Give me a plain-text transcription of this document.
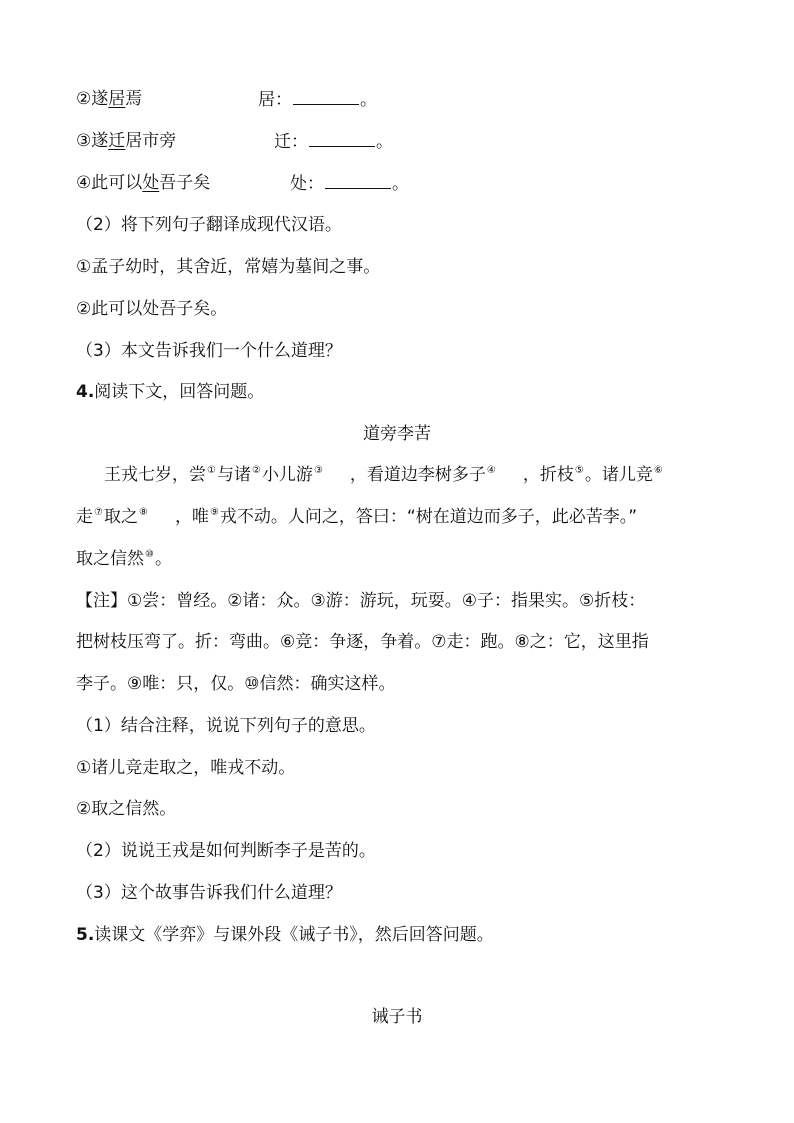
②遂居焉	居：	。
③遂迁居市旁	迁：	。
④此可以处吾子矣	处：	。
（2）将下列句子翻译成现代汉语。
①孟子幼时，其舍近，常嬉为墓间之事。
②此可以处吾子矣。
（3）本文告诉我们一个什么道理？
4.阅读下文，回答问题。
道旁李苦
王戎七岁，尝①与诸②小儿游③ ，看道边李树多子④ ，折枝⑤。诸儿竞⑥
走⑦取之⑧ ，唯⑨戎不动。人问之，答曰：“树在道边而多子，此必苦李。”
取之信然⑩。
【注】①尝：曾经。②诸：众。③游：游玩，玩耍。④子：指果实。⑤折枝：
把树枝压弯了。折：弯曲。⑥竞：争逐，争着。⑦走：跑。⑧之：它，这里指
李子。⑨唯：只，仅。⑩信然：确实这样。
（1）结合注释，说说下列句子的意思。
①诸儿竞走取之，唯戎不动。
②取之信然。
（2）说说王戎是如何判断李子是苦的。
（3）这个故事告诉我们什么道理？
5.读课文《学弈》与课外段《诫子书》，然后回答问题。
诫子书
